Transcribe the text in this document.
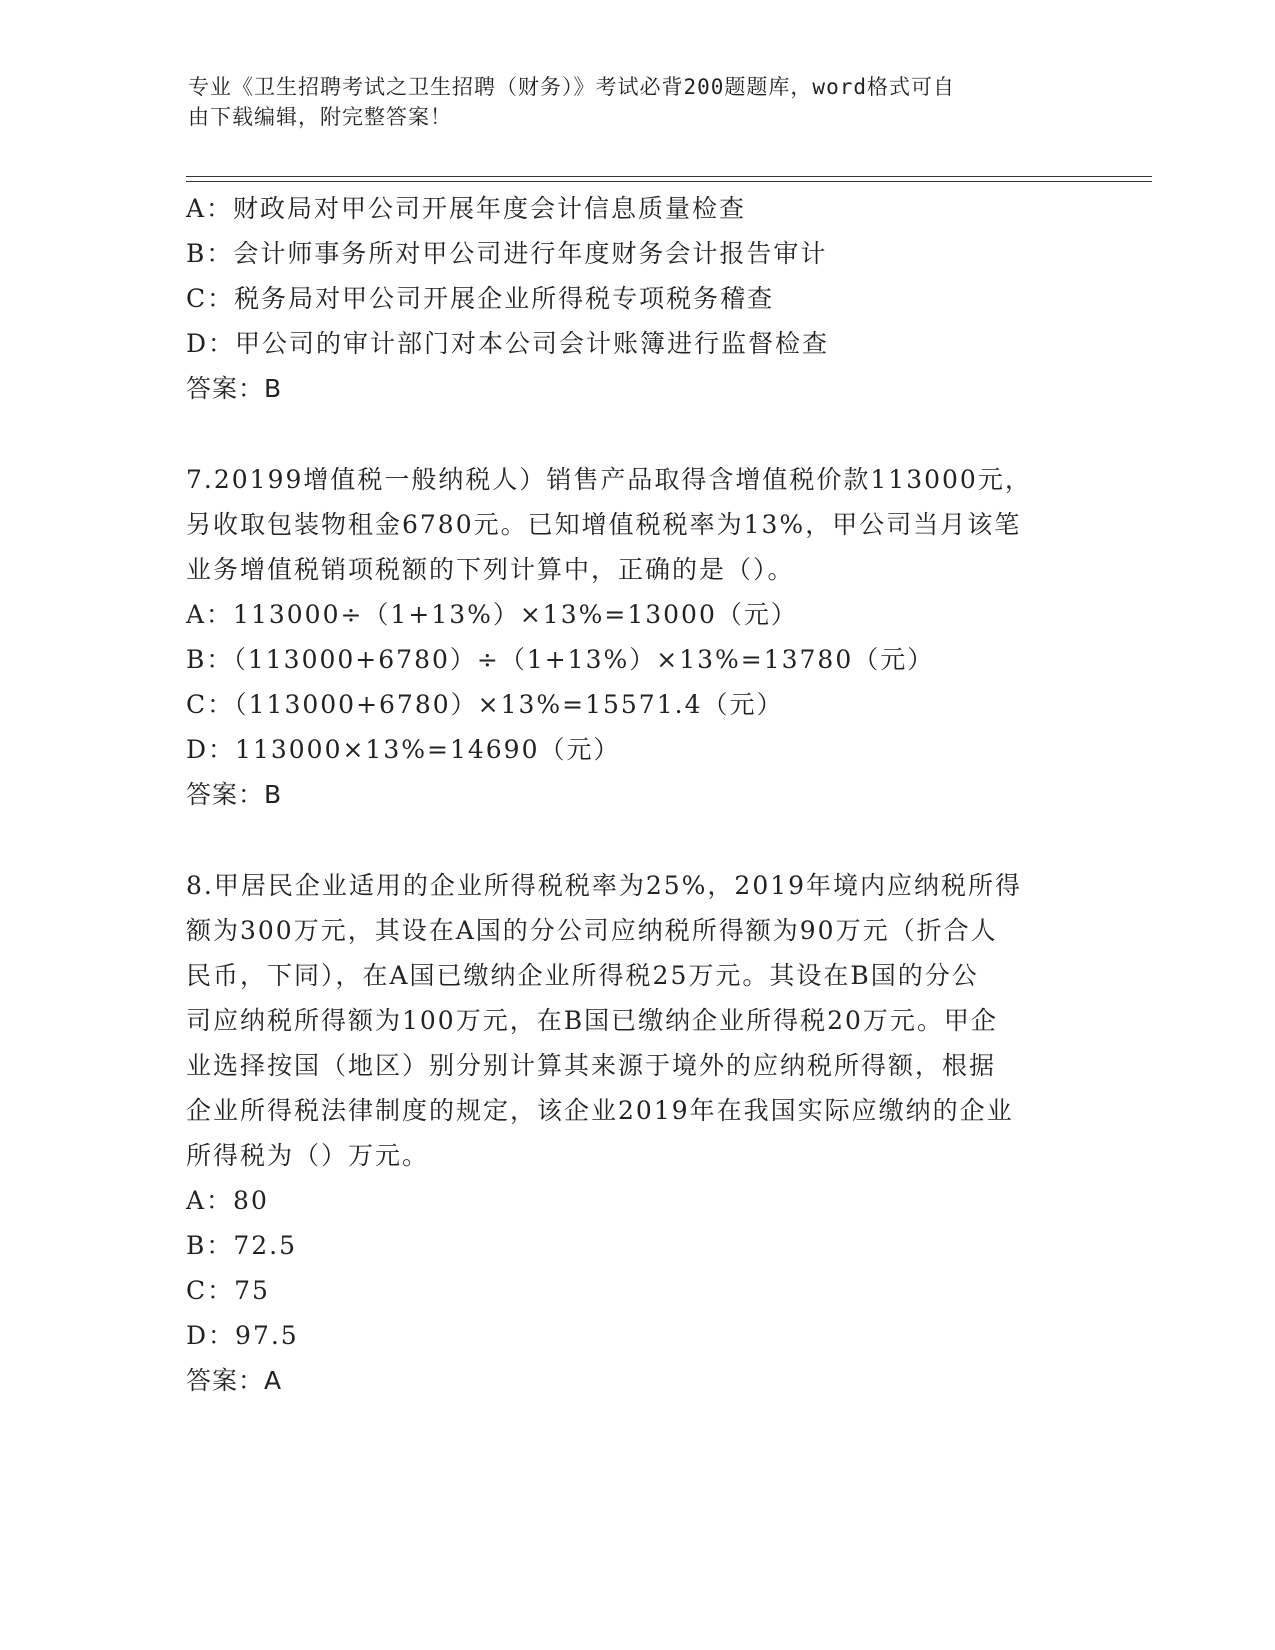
专业《卫生招聘考试之卫生招聘（财务）》考试必背200题题库，word格式可自
由下载编辑，附完整答案！
A：财政局对甲公司开展年度会计信息质量检查
B：会计师事务所对甲公司进行年度财务会计报告审计
C：税务局对甲公司开展企业所得税专项税务稽查
D：甲公司的审计部门对本公司会计账簿进行监督检查
答案：B
7.20199增值税一般纳税人）销售产品取得含增值税价款113000元，
另收取包装物租金6780元。已知增值税税率为13%，甲公司当月该笔
业务增值税销项税额的下列计算中，正确的是（）。
A：113000÷（1+13%）×13%=13000（元）
B：（113000+6780）÷（1+13%）×13%=13780（元）
C：（113000+6780）×13%=15571.4（元）
D：113000×13%=14690（元）
答案：B
8.甲居民企业适用的企业所得税税率为25%，2019年境内应纳税所得
额为300万元，其设在A国的分公司应纳税所得额为90万元（折合人
民币，下同），在A国已缴纳企业所得税25万元。其设在B国的分公
司应纳税所得额为100万元，在B国已缴纳企业所得税20万元。甲企
业选择按国（地区）别分别计算其来源于境外的应纳税所得额，根据
企业所得税法律制度的规定，该企业2019年在我国实际应缴纳的企业
所得税为（）万元。
A：80
B：72.5
C：75
D：97.5
答案：A
